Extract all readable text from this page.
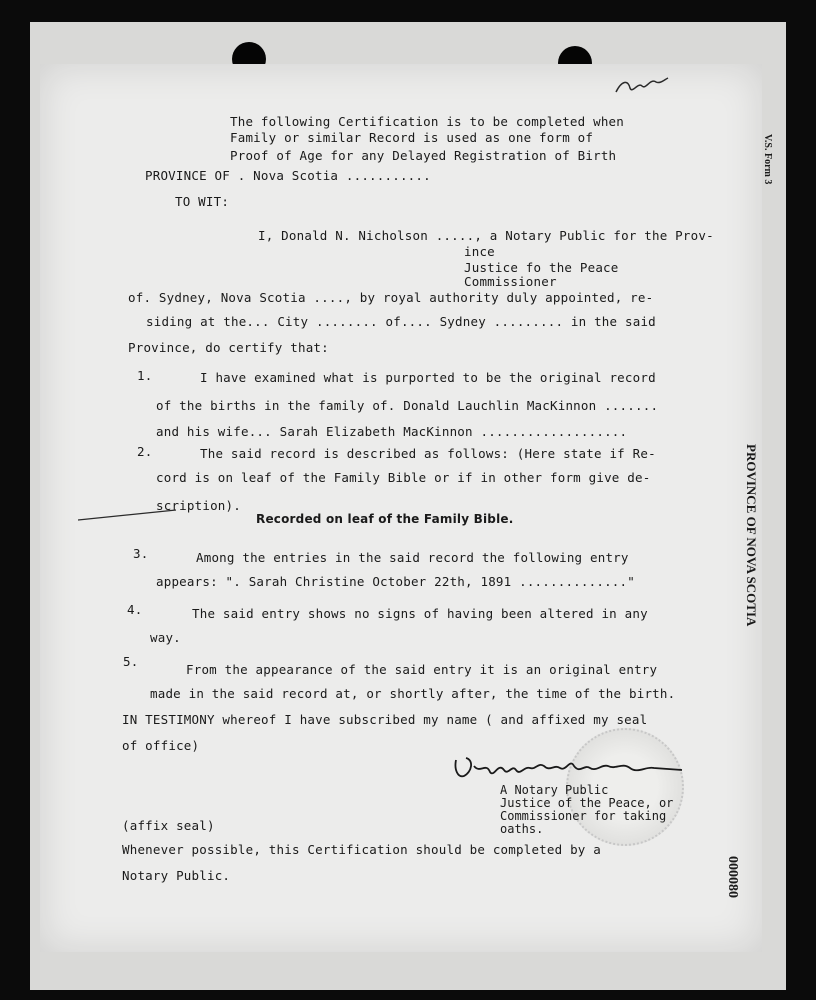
The following Certification is to be completed when
Family or similar Record is used as one form of
Proof of Age for any Delayed Registration of Birth	V.S. Form 3
PROVINCE OF NOVA SCOTIA
000080
PROVINCE OF . Nova Scotia ...........
TO WIT:
I, Donald N. Nicholson ....., a Notary Public for the Prov-
ince
Justice fo the Peace
Commissioner
of. Sydney, Nova Scotia ...., by royal authority duly appointed, re-
siding at the... City ........ of.... Sydney ......... in the said
Province, do certify that:
1.	I have examined what is purported to be the original record
of the births in the family of. Donald Lauchlin MacKinnon .......
and his wife... Sarah Elizabeth MacKinnon ...................
2.	The said record is described as follows: (Here state if Re-
cord is on leaf of the Family Bible or if in other form give de-
scription).
Recorded on leaf of the Family Bible.
3.	Among the entries in the said record the following entry
appears: ". Sarah Christine October 22th, 1891 .............."
4.	The said entry shows no signs of having been altered in any
way.
5.
From the appearance of the said entry it is an original entry
made in the said record at, or shortly after, the time of the birth.
IN TESTIMONY whereof I have subscribed my name ( and affixed my seal
of office)
A Notary Public
Justice of the Peace, or
Commissioner for taking
oaths.
(affix seal)
Whenever possible, this Certification should be completed by a
Notary Public.
